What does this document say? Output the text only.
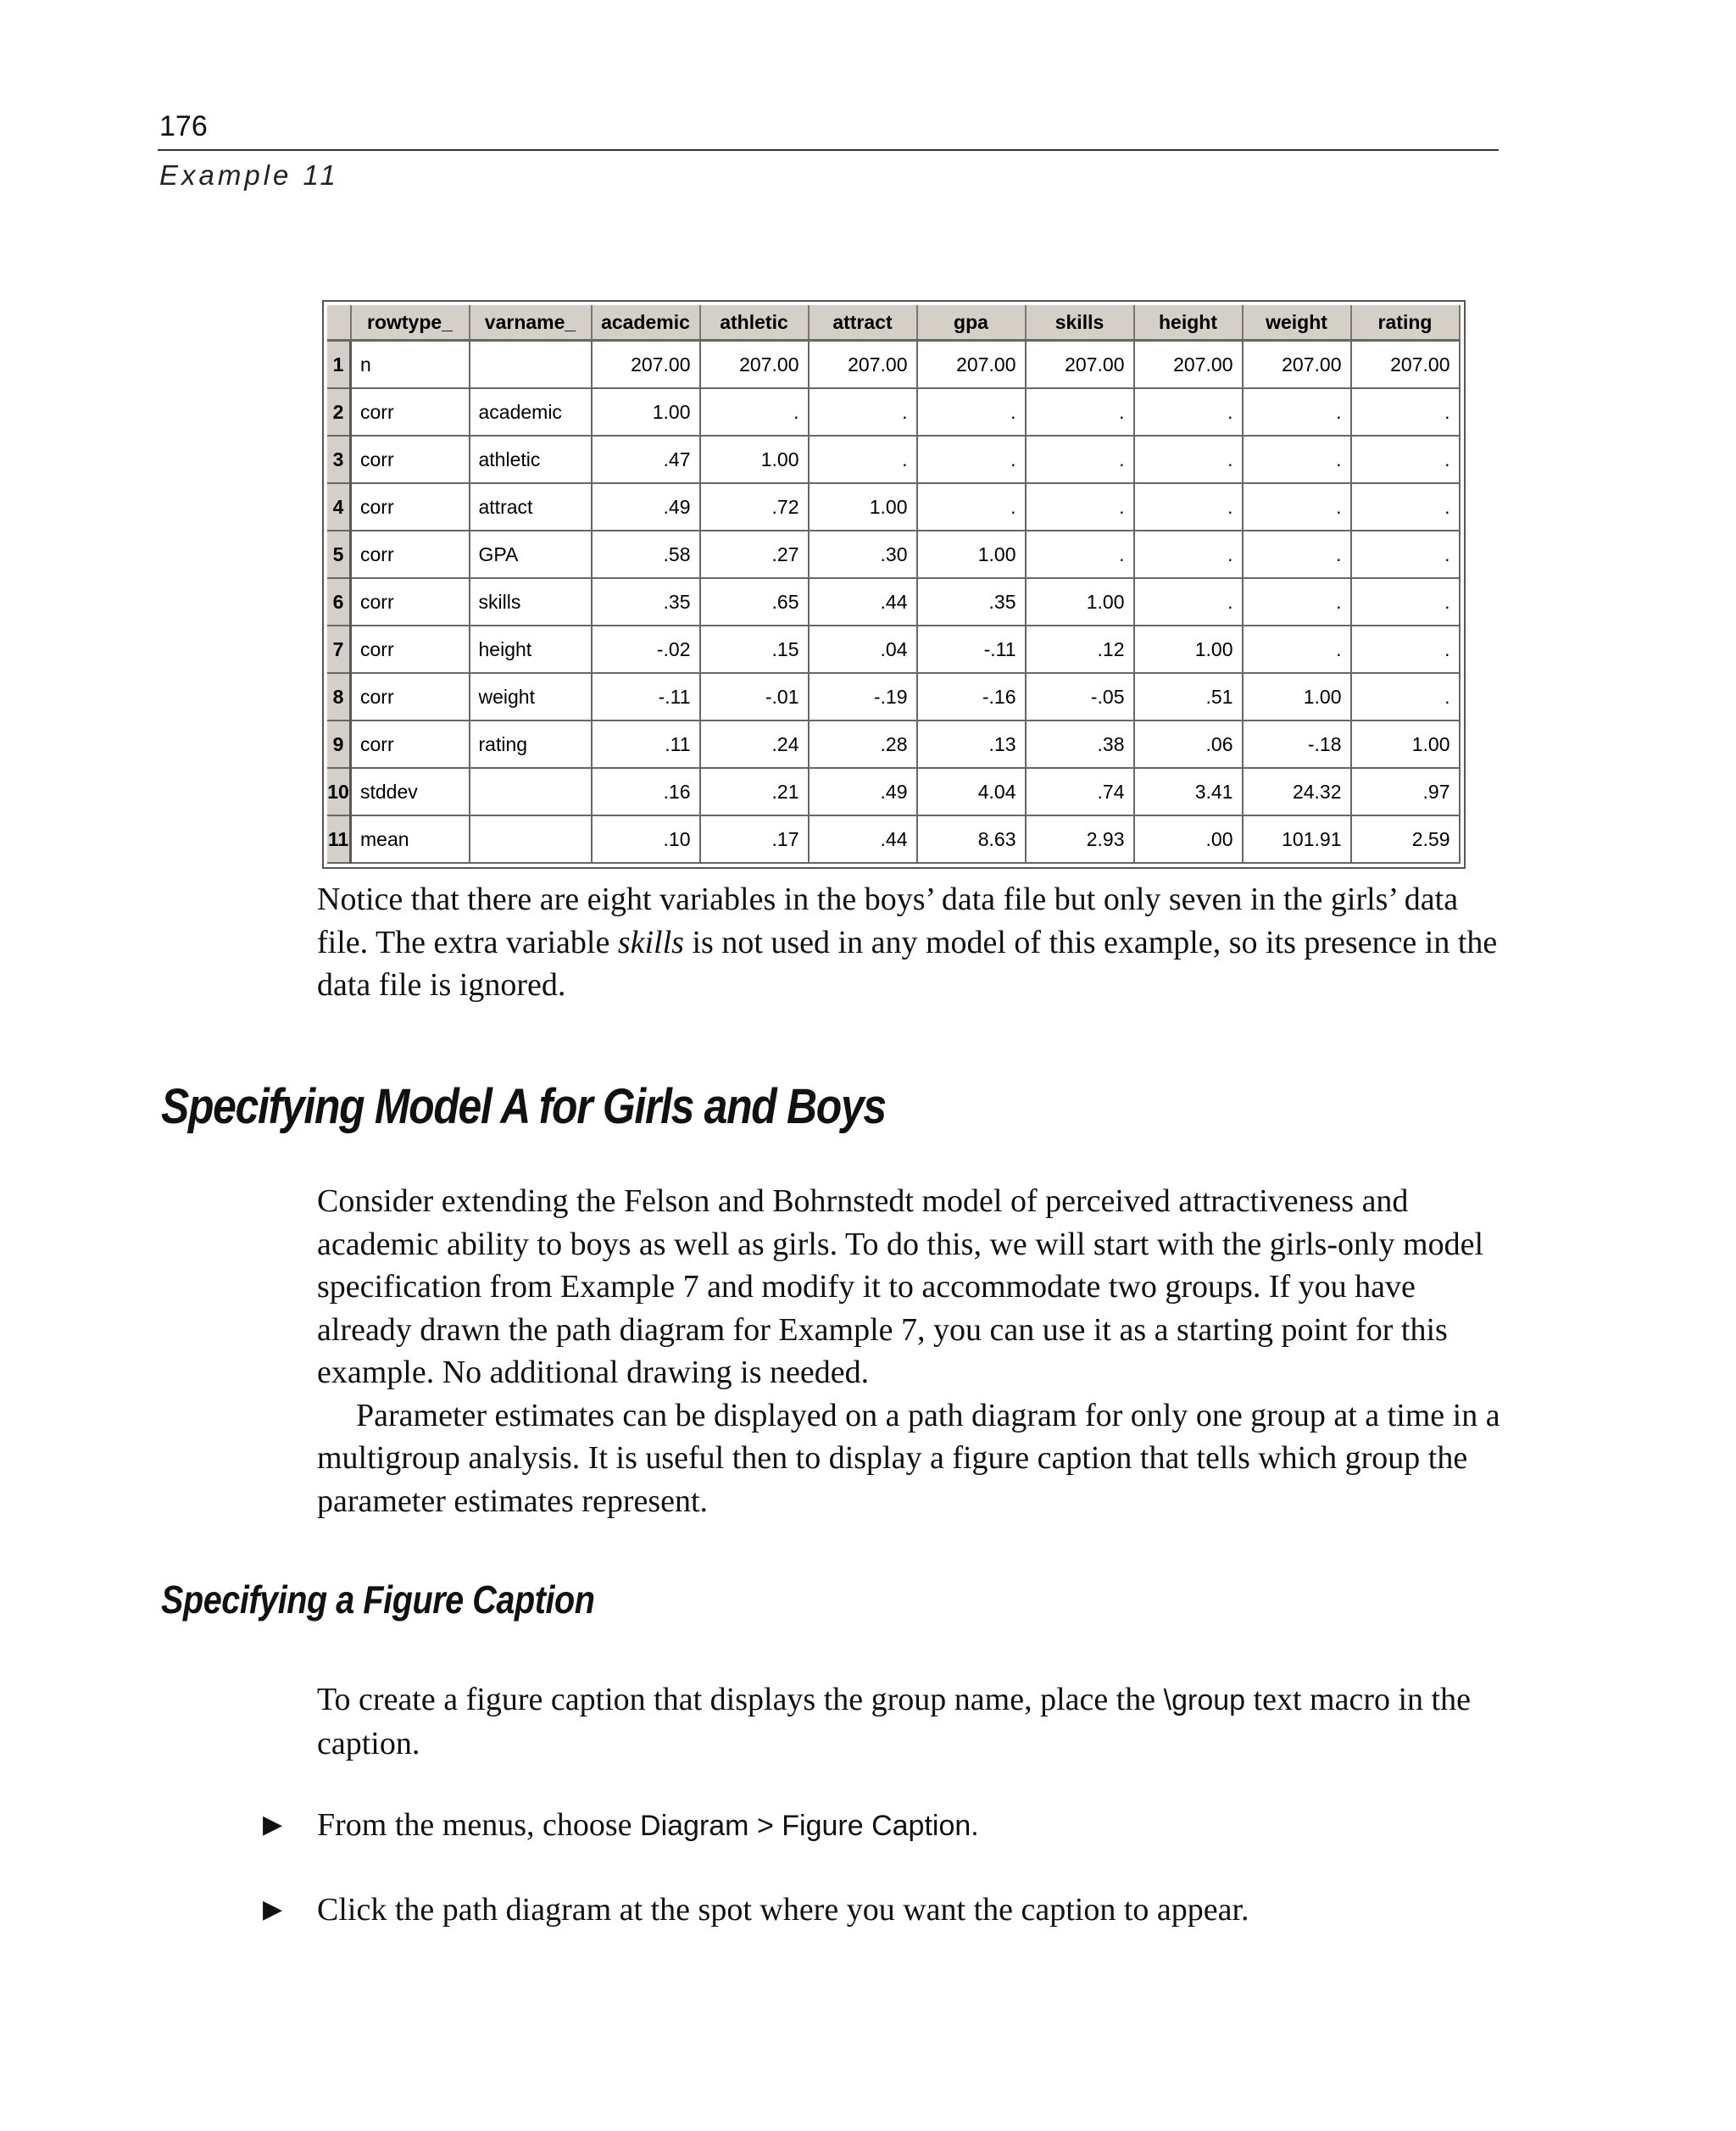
176
Example 11
	rowtype_	varname_	academic	athletic	attract	gpa	skills	height	weight	rating
1	n		207.00	207.00	207.00	207.00	207.00	207.00	207.00	207.00
2	corr	academic	1.00	.	.	.	.	.	.	.
3	corr	athletic	.47	1.00	.	.	.	.	.	.
4	corr	attract	.49	.72	1.00	.	.	.	.	.
5	corr	GPA	.58	.27	.30	1.00	.	.	.	.
6	corr	skills	.35	.65	.44	.35	1.00	.	.	.
7	corr	height	-.02	.15	.04	-.11	.12	1.00	.	.
8	corr	weight	-.11	-.01	-.19	-.16	-.05	.51	1.00	.
9	corr	rating	.11	.24	.28	.13	.38	.06	-.18	1.00
10	stddev		.16	.21	.49	4.04	.74	3.41	24.32	.97
11	mean		.10	.17	.44	8.63	2.93	.00	101.91	2.59

Notice that there are eight variables in the boys’ data file but only seven in the girls’ data file. The extra variable skills is not used in any model of this example, so its presence in the data file is ignored.

Specifying Model A for Girls and Boys

Consider extending the Felson and Bohrnstedt model of perceived attractiveness and academic ability to boys as well as girls. To do this, we will start with the girls-only model specification from Example 7 and modify it to accommodate two groups. If you have already drawn the path diagram for Example 7, you can use it as a starting point for this example. No additional drawing is needed.
Parameter estimates can be displayed on a path diagram for only one group at a time in a multigroup analysis. It is useful then to display a figure caption that tells which group the parameter estimates represent.

Specifying a Figure Caption

To create a figure caption that displays the group name, place the \group text macro in the caption.

▶ From the menus, choose Diagram > Figure Caption.

▶ Click the path diagram at the spot where you want the caption to appear.
